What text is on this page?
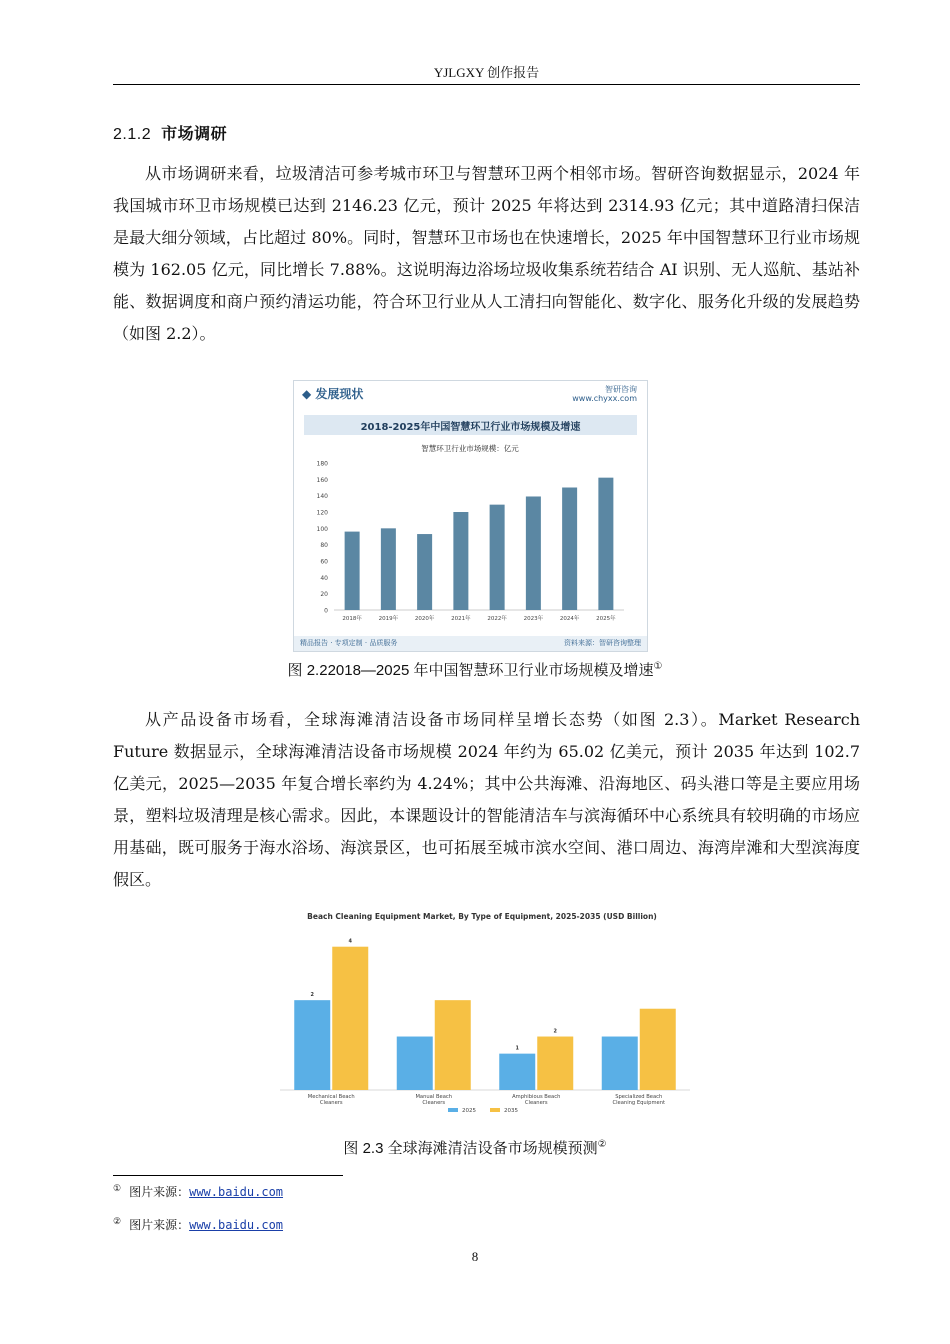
YJLGXY 创作报告
2.1.2 市场调研
从市场调研来看，垃圾清洁可参考城市环卫与智慧环卫两个相邻市场。智研咨询数据显示，2024 年我国城市环卫市场规模已达到 2146.23 亿元，预计 2025 年将达到 2314.93 亿元；其中道路清扫保洁是最大细分领域，占比超过 80%。同时，智慧环卫市场也在快速增长，2025 年中国智慧环卫行业市场规模为 162.05 亿元，同比增长 7.88%。这说明海边浴场垃圾收集系统若结合 AI 识别、无人巡航、基站补能、数据调度和商户预约清运功能，符合环卫行业从人工清扫向智能化、数字化、服务化升级的发展趋势（如图 2.2）。
◆ 发展现状	智研咨询
www.chyxx.com
2018-2025年中国智慧环卫行业市场规模及增速
智慧环卫行业市场规模：亿元
0
20
40
60
80
100
120
140
160
180
2018年	2019年	2020年	2021年	2022年	2023年	2024年	2025年
精品报告 · 专项定制 · 品质服务	资料来源：智研咨询整理
图 2.22018—2025 年中国智慧环卫行业市场规模及增速①
从产品设备市场看，全球海滩清洁设备市场同样呈增长态势（如图 2.3）。Market Research Future 数据显示，全球海滩清洁设备市场规模 2024 年约为 65.02 亿美元，预计 2035 年达到 102.7 亿美元，2025—2035 年复合增长率约为 4.24%；其中公共海滩、沿海地区、码头港口等是主要应用场景，塑料垃圾清理是核心需求。因此，本课题设计的智能清洁车与滨海循环中心系统具有较明确的市场应用基础，既可服务于海水浴场、海滨景区，也可拓展至城市滨水空间、港口周边、海湾岸滩和大型滨海度假区。
Beach Cleaning Equipment Market, By Type of Equipment, 2025-2035 (USD Billion)
2
4
Mechanical Beach Cleaners
Manual Beach Cleaners
1
2
Amphibious Beach Cleaners
Specialized Beach Cleaning Equipment
2025	2035
图 2.3 全球海滩清洁设备市场规模预测②
① 图片来源：www.baidu.com
② 图片来源：www.baidu.com
8
